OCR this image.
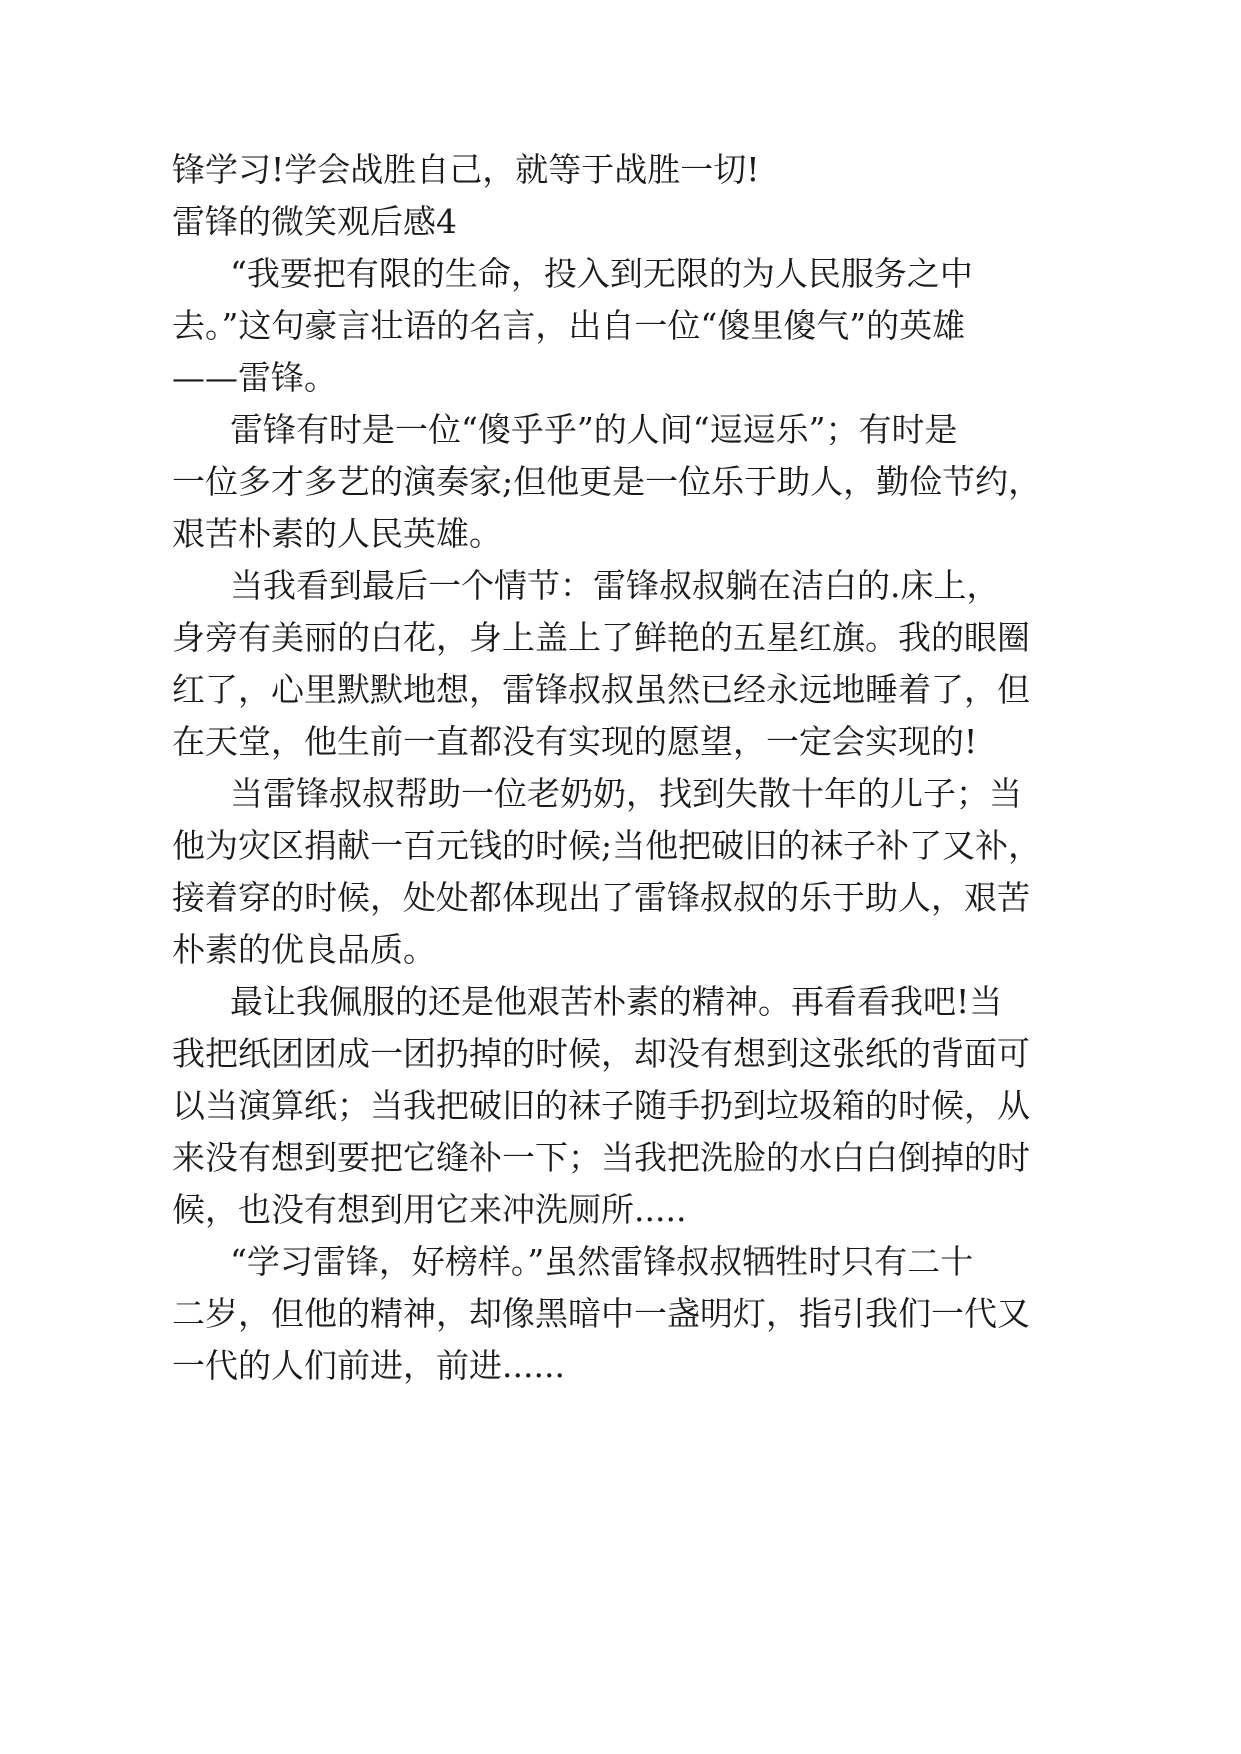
锋学习!学会战胜自己，就等于战胜一切!
雷锋的微笑观后感4
“我要把有限的生命，投入到无限的为人民服务之中
去。”这句豪言壮语的名言，出自一位“傻里傻气”的英雄
——雷锋。
雷锋有时是一位“傻乎乎”的人间“逗逗乐”；有时是
一位多才多艺的演奏家;但他更是一位乐于助人，勤俭节约，
艰苦朴素的人民英雄。
当我看到最后一个情节：雷锋叔叔躺在洁白的.床上，
身旁有美丽的白花，身上盖上了鲜艳的五星红旗。我的眼圈
红了，心里默默地想，雷锋叔叔虽然已经永远地睡着了，但
在天堂，他生前一直都没有实现的愿望，一定会实现的!
当雷锋叔叔帮助一位老奶奶，找到失散十年的儿子；当
他为灾区捐献一百元钱的时候;当他把破旧的袜子补了又补，
接着穿的时候，处处都体现出了雷锋叔叔的乐于助人，艰苦
朴素的优良品质。
最让我佩服的还是他艰苦朴素的精神。再看看我吧!当
我把纸团团成一团扔掉的时候，却没有想到这张纸的背面可
以当演算纸；当我把破旧的袜子随手扔到垃圾箱的时候，从
来没有想到要把它缝补一下；当我把洗脸的水白白倒掉的时
候，也没有想到用它来冲洗厕所.....
“学习雷锋，好榜样。”虽然雷锋叔叔牺牲时只有二十
二岁，但他的精神，却像黑暗中一盏明灯，指引我们一代又
一代的人们前进，前进......
